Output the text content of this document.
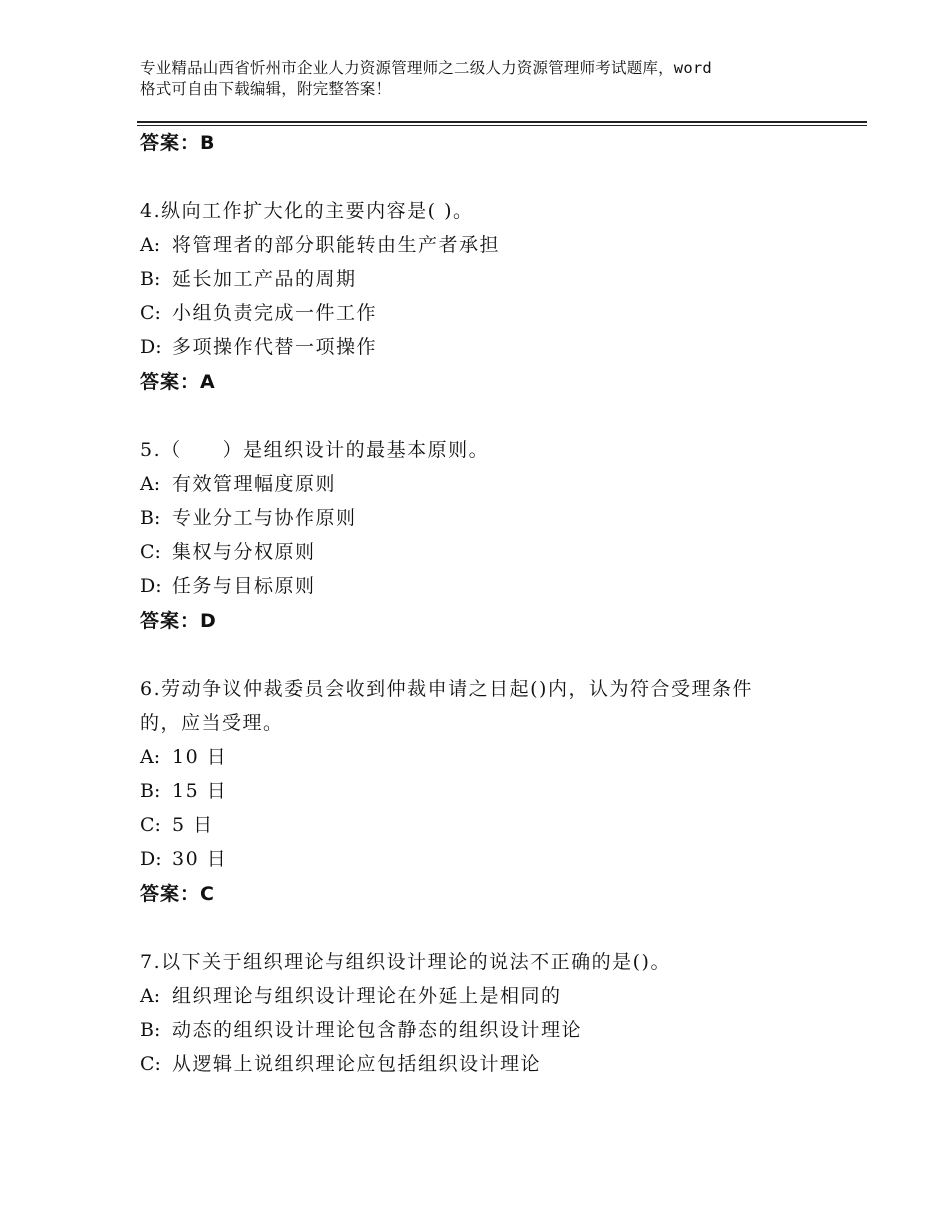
专业精品山西省忻州市企业人力资源管理师之二级人力资源管理师考试题库，word
格式可自由下载编辑，附完整答案！
答案：B
4.纵向工作扩大化的主要内容是( )。
A: 将管理者的部分职能转由生产者承担
B: 延长加工产品的周期
C: 小组负责完成一件工作
D: 多项操作代替一项操作
答案：A
5.（　　）是组织设计的最基本原则。
A: 有效管理幅度原则
B: 专业分工与协作原则
C: 集权与分权原则
D: 任务与目标原则
答案：D
6.劳动争议仲裁委员会收到仲裁申请之日起()内，认为符合受理条件
的，应当受理。
A: 10 日
B: 15 日
C: 5 日
D: 30 日
答案：C
7.以下关于组织理论与组织设计理论的说法不正确的是()。
A: 组织理论与组织设计理论在外延上是相同的
B: 动态的组织设计理论包含静态的组织设计理论
C: 从逻辑上说组织理论应包括组织设计理论
